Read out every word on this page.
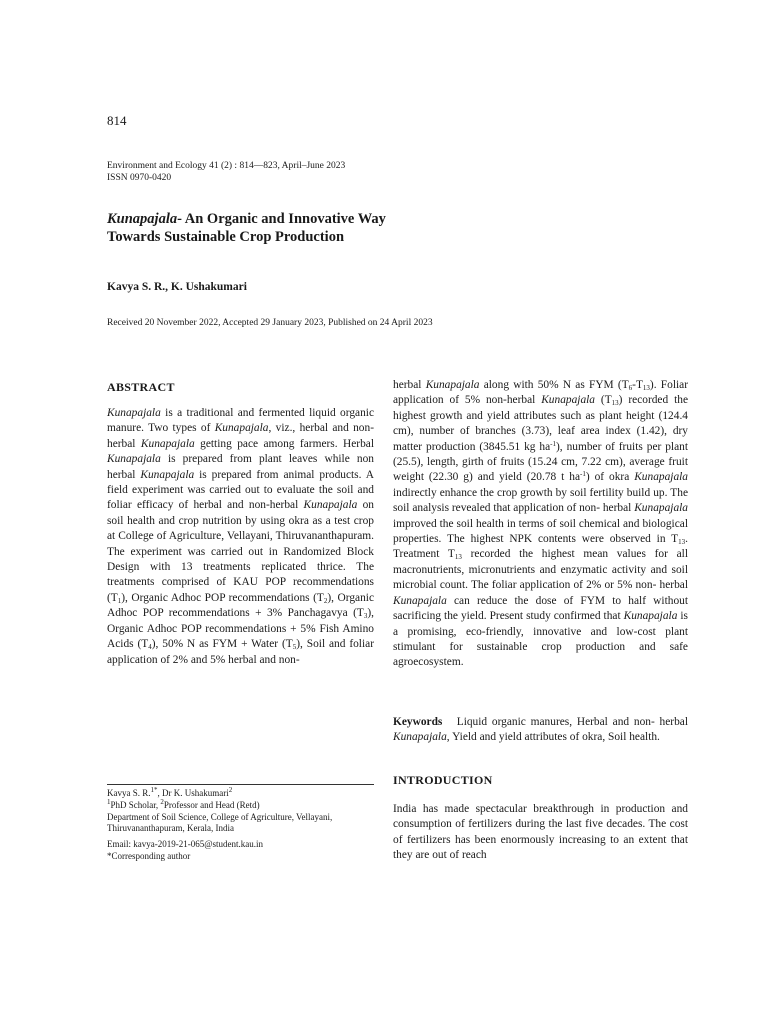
814
Environment and Ecology 41 (2) : 814—823, April–June 2023
ISSN 0970-0420
Kunapajala- An Organic and Innovative Way
Towards Sustainable Crop Production
Kavya S. R., K. Ushakumari
Received 20 November 2022, Accepted 29 January 2023, Published on 24 April 2023
ABSTRACT
Kunapajala is a traditional and fermented liquid organic manure. Two types of Kunapajala, viz., herbal and non-herbal Kunapajala getting pace among farmers. Herbal Kunapajala is prepared from plant leaves while non herbal Kunapajala is prepared from animal products. A field experiment was carried out to evaluate the soil and foliar efficacy of herbal and non-herbal Kunapajala on soil health and crop nutrition by using okra as a test crop at College of Agriculture, Vellayani, Thiruvananthapuram. The experiment was carried out in Randomized Block Design with 13 treatments replicated thrice. The treatments comprised of KAU POP recommendations $(T_1)$, Organic Adhoc POP recommendations $(T_2)$, Organic Adhoc POP recommendations + 3% Panchagavya $(T_3)$, Organic Adhoc POP recommendations + 5% Fish Amino Acids $(T_4)$, 50% N as FYM + Water $(T_5)$, Soil and foliar application of 2% and 5% herbal and non-
Kavya S. R.$^{1*}$, Dr K. Ushakumari$^2$
$^1$PhD Scholar, $^2$Professor and Head (Retd)
Department of Soil Science, College of Agriculture, Vellayani, Thiruvananthapuram, Kerala, India
Email: kavya-2019-21-065@student.kau.in
*Corresponding author
herbal Kunapajala along with 50% N as FYM $(T_6-T_{13})$. Foliar application of 5% non-herbal Kunapajala $(T_{13})$ recorded the highest growth and yield attributes such as plant height (124.4 cm), number of branches (3.73), leaf area index (1.42), dry matter production (3845.51 kg $ha^{-1}$), number of fruits per plant (25.5), length, girth of fruits (15.24 cm, 7.22 cm), average fruit weight (22.30 g) and yield (20.78 t $ha^{-1}$) of okra Kunapajala indirectly enhance the crop growth by soil fertility build up. The soil analysis revealed that application of non- herbal Kunapajala improved the soil health in terms of soil chemical and biological properties. The highest NPK contents were observed in $T_{13}$. Treatment $T_{13}$ recorded the highest mean values for all macronutrients, micronutrients and enzymatic activity and soil microbial count. The foliar application of 2% or 5% non- herbal Kunapajala can reduce the dose of FYM to half without sacrificing the yield. Present study confirmed that Kunapajala is a promising, eco-friendly, innovative and low-cost plant stimulant for sustainable crop production and safe agroecosystem.
Keywords Liquid organic manures, Herbal and non- herbal Kunapajala, Yield and yield attributes of okra, Soil health.
INTRODUCTION
India has made spectacular breakthrough in production and consumption of fertilizers during the last five decades. The cost of fertilizers has been enormously increasing to an extent that they are out of reach
